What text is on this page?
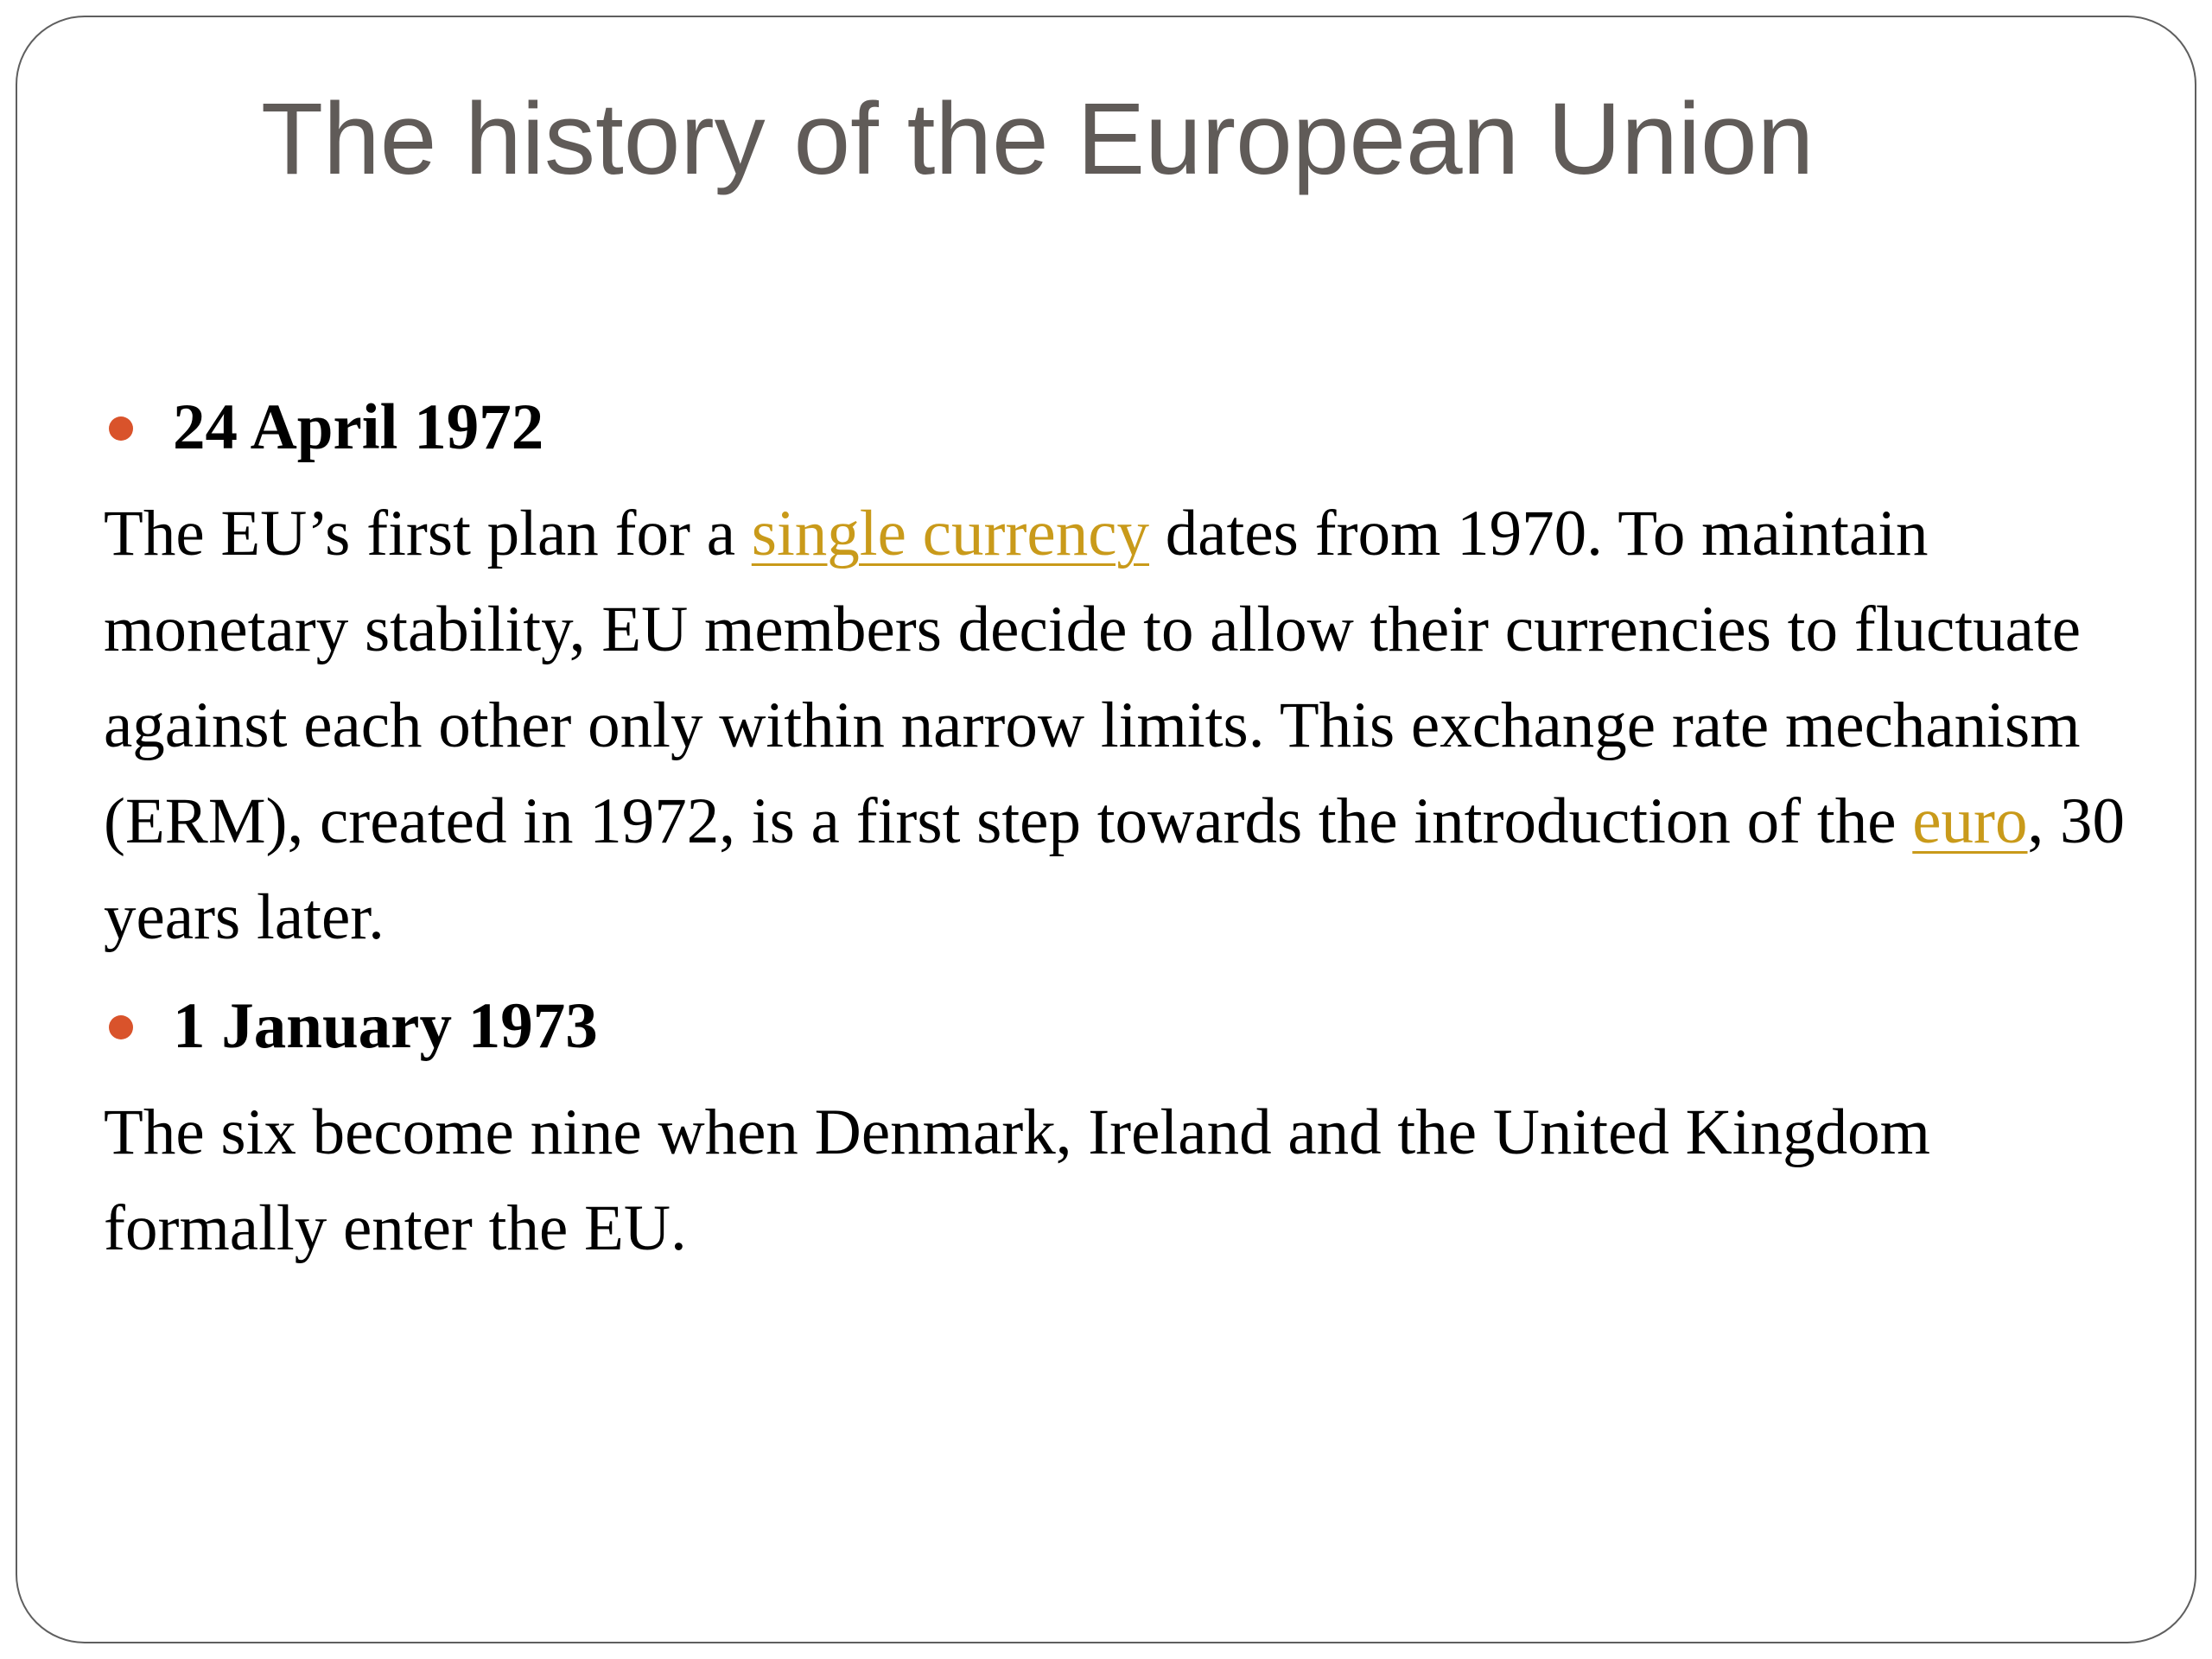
The history of the European Union
24 April 1972

The EU’s first plan for a single currency dates from 1970. To maintain monetary stability, EU members decide to allow their currencies to fluctuate against each other only within narrow limits. This exchange rate mechanism (ERM), created in 1972, is a first step towards the introduction of the euro, 30 years later.

1 January 1973

The six become nine when Denmark, Ireland and the United Kingdom formally enter the EU.
